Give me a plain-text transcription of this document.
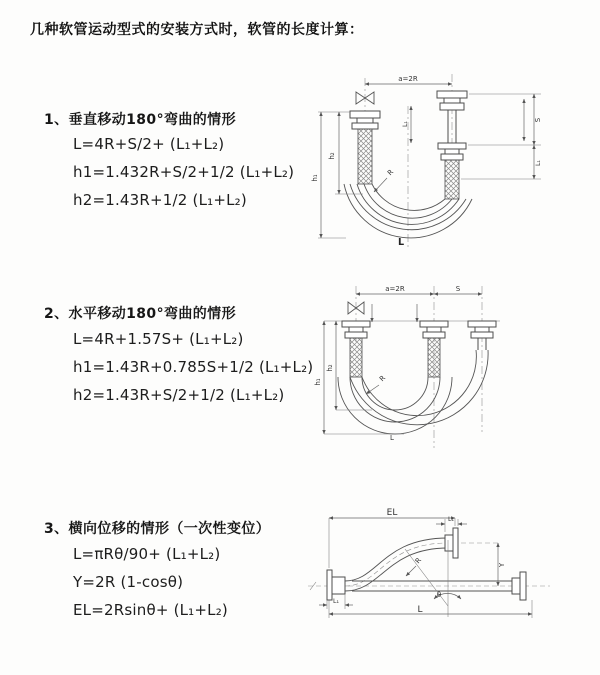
几种软管运动型式的安装方式时，软管的长度计算：
1、垂直移动180°弯曲的情形
L=4R+S/2+ (L₁+L₂)
h1=1.432R+S/2+1/2 (L₁+L₂)
h2=1.43R+1/2 (L₁+L₂)
2、水平移动180°弯曲的情形
L=4R+1.57S+ (L₁+L₂)
h1=1.43R+0.785S+1/2 (L₁+L₂)
h2=1.43R+S/2+1/2 (L₁+L₂)
3、横向位移的情形（一次性变位）
L=πRθ/90+ (L₁+L₂)
Y=2R (1-cosθ)
EL=2Rsinθ+ (L₁+L₂)
a=2R
h₂
h₁
L₁
S
L₁
R
L
a=2R	S
h₂
h₁	R
L
EL
L₁
Y
θ
R
L
L₁
